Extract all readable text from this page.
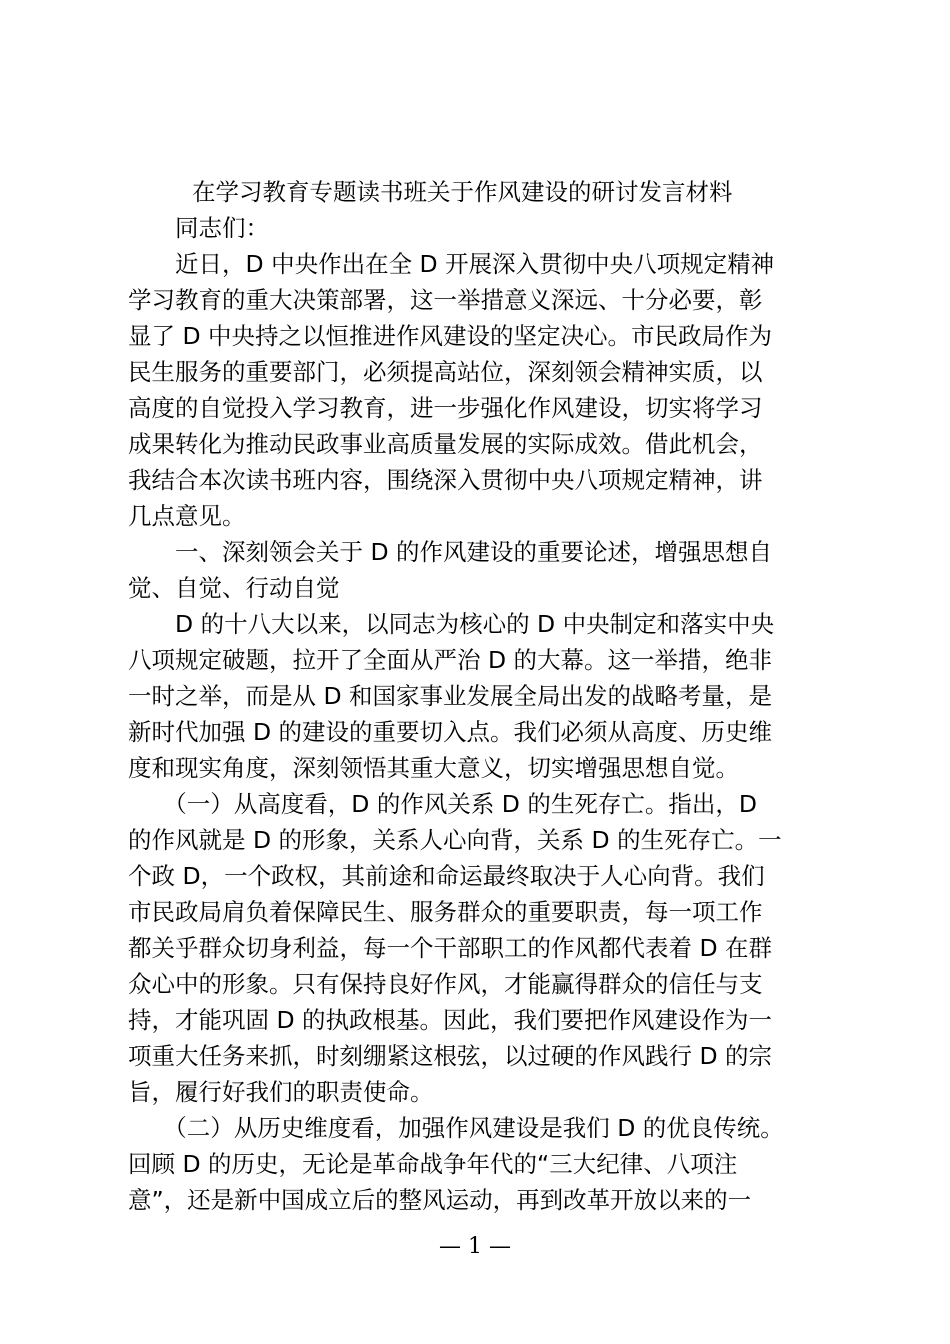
在学习教育专题读书班关于作风建设的研讨发言材料
　　同志们：
　　近日，D 中央作出在全 D 开展深入贯彻中央八项规定精神
学习教育的重大决策部署，这一举措意义深远、十分必要，彰
显了 D 中央持之以恒推进作风建设的坚定决心。市民政局作为
民生服务的重要部门，必须提高站位，深刻领会精神实质，以
高度的自觉投入学习教育，进一步强化作风建设，切实将学习
成果转化为推动民政事业高质量发展的实际成效。借此机会，
我结合本次读书班内容，围绕深入贯彻中央八项规定精神，讲
几点意见。
　　一、深刻领会关于 D 的作风建设的重要论述，增强思想自
觉、自觉、行动自觉
　　D 的十八大以来，以同志为核心的 D 中央制定和落实中央
八项规定破题，拉开了全面从严治 D 的大幕。这一举措，绝非
一时之举，而是从 D 和国家事业发展全局出发的战略考量，是
新时代加强 D 的建设的重要切入点。我们必须从高度、历史维
度和现实角度，深刻领悟其重大意义，切实增强思想自觉。
　　（一）从高度看，D 的作风关系 D 的生死存亡。指出，D
的作风就是 D 的形象，关系人心向背，关系 D 的生死存亡。一
个政 D，一个政权，其前途和命运最终取决于人心向背。我们
市民政局肩负着保障民生、服务群众的重要职责，每一项工作
都关乎群众切身利益，每一个干部职工的作风都代表着 D 在群
众心中的形象。只有保持良好作风，才能赢得群众的信任与支
持，才能巩固 D 的执政根基。因此，我们要把作风建设作为一
项重大任务来抓，时刻绷紧这根弦，以过硬的作风践行 D 的宗
旨，履行好我们的职责使命。
　　（二）从历史维度看，加强作风建设是我们 D 的优良传统。
回顾 D 的历史，无论是革命战争年代的“三大纪律、八项注
意”，还是新中国成立后的整风运动，再到改革开放以来的一
— 1 —
